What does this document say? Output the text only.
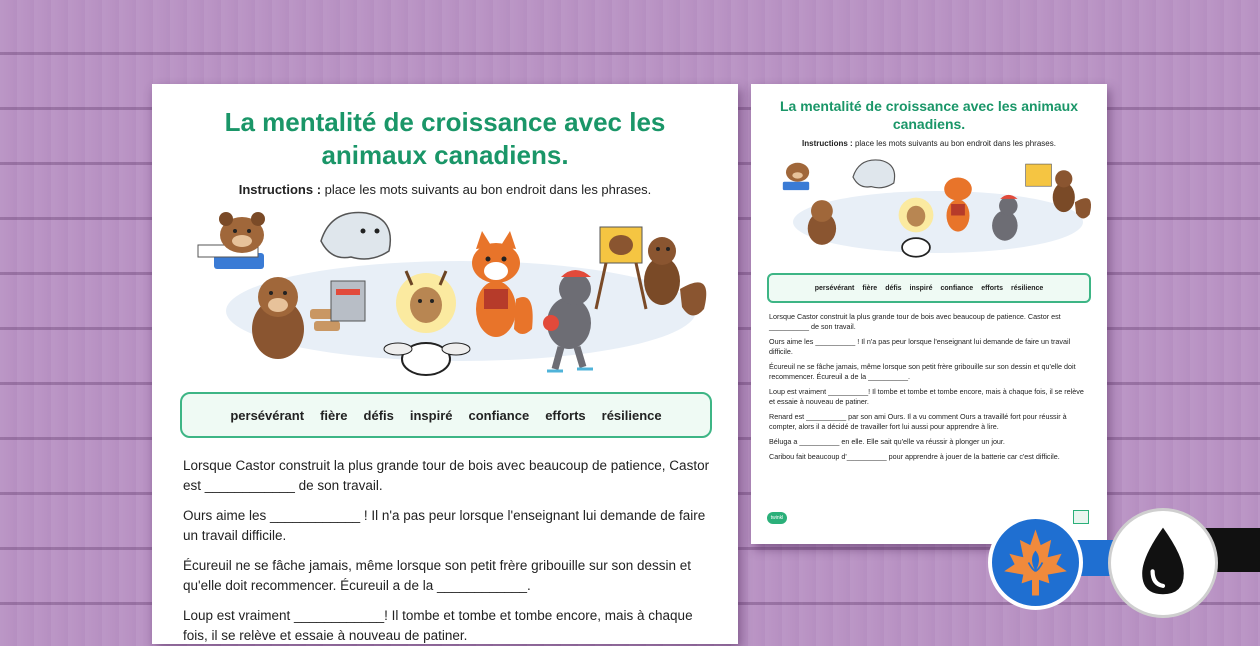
La mentalité de croissance avec les animaux canadiens.
Instructions : place les mots suivants au bon endroit dans les phrases.
persévérant fière défis inspiré confiance efforts résilience
Lorsque Castor construit la plus grande tour de bois avec beaucoup de patience, Castor est ____________ de son travail.
Ours aime les ____________ ! Il n'a pas peur lorsque l'enseignant lui demande de faire un travail difficile.
Écureuil ne se fâche jamais, même lorsque son petit frère gribouille sur son dessin et qu'elle doit recommencer. Écureuil a de la ____________.
Loup est vraiment ____________! Il tombe et tombe et tombe encore, mais à chaque fois, il se relève et essaie à nouveau de patiner.
La mentalité de croissance avec les animaux canadiens.
Instructions : place les mots suivants au bon endroit dans les phrases.
persévérant fière défis inspiré confiance efforts résilience
Lorsque Castor construit la plus grande tour de bois avec beaucoup de patience. Castor est __________ de son travail.
Ours aime les __________ ! Il n'a pas peur lorsque l'enseignant lui demande de faire un travail difficile.
Écureuil ne se fâche jamais, même lorsque son petit frère gribouille sur son dessin et qu'elle doit recommencer. Écureuil a de la __________.
Loup est vraiment __________! Il tombe et tombe et tombe encore, mais à chaque fois, il se relève et essaie à nouveau de patiner.
Renard est __________ par son ami Ours. Il a vu comment Ours a travaillé fort pour réussir à compter, alors il a décidé de travailler fort lui aussi pour apprendre à lire.
Béluga a __________ en elle. Elle sait qu'elle va réussir à plonger un jour.
Caribou fait beaucoup d'__________ pour apprendre à jouer de la batterie car c'est difficile.
twinkl
